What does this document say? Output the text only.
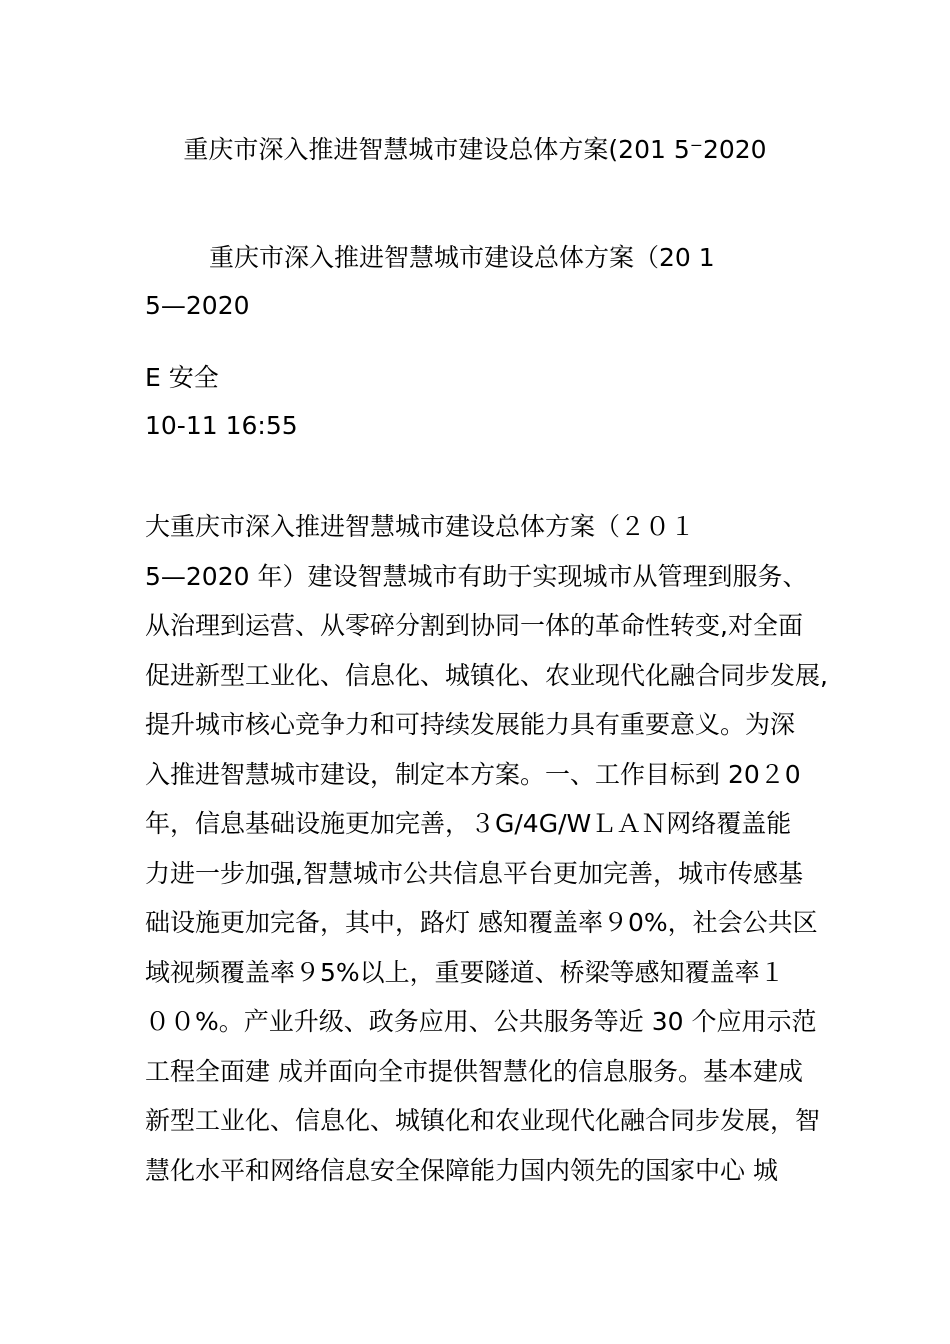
重庆市深入推进智慧城市建设总体方案(201 5⁻2020
重庆市深入推进智慧城市建设总体方案（20 1
5—2020
E 安全
10-11 16:55
大重庆市深入推进智慧城市建设总体方案（２０１
5—2020 年）建设智慧城市有助于实现城市从管理到服务、
从治理到运营、从零碎分割到协同一体的革命性转变,对全面
促进新型工业化、信息化、城镇化、农业现代化融合同步发展,
提升城市核心竞争力和可持续发展能力具有重要意义。为深
入推进智慧城市建设，制定本方案。一、工作目标到 20２0
年，信息基础设施更加完善，３G/4G/WＬＡＮ网络覆盖能
力进一步加强,智慧城市公共信息平台更加完善，城市传感基
础设施更加完备，其中，路灯 感知覆盖率９0%，社会公共区
域视频覆盖率９5%以上，重要隧道、桥梁等感知覆盖率１
００%。产业升级、政务应用、公共服务等近 30 个应用示范
工程全面建 成并面向全市提供智慧化的信息服务。基本建成
新型工业化、信息化、城镇化和农业现代化融合同步发展，智
慧化水平和网络信息安全保障能力国内领先的国家中心 城
